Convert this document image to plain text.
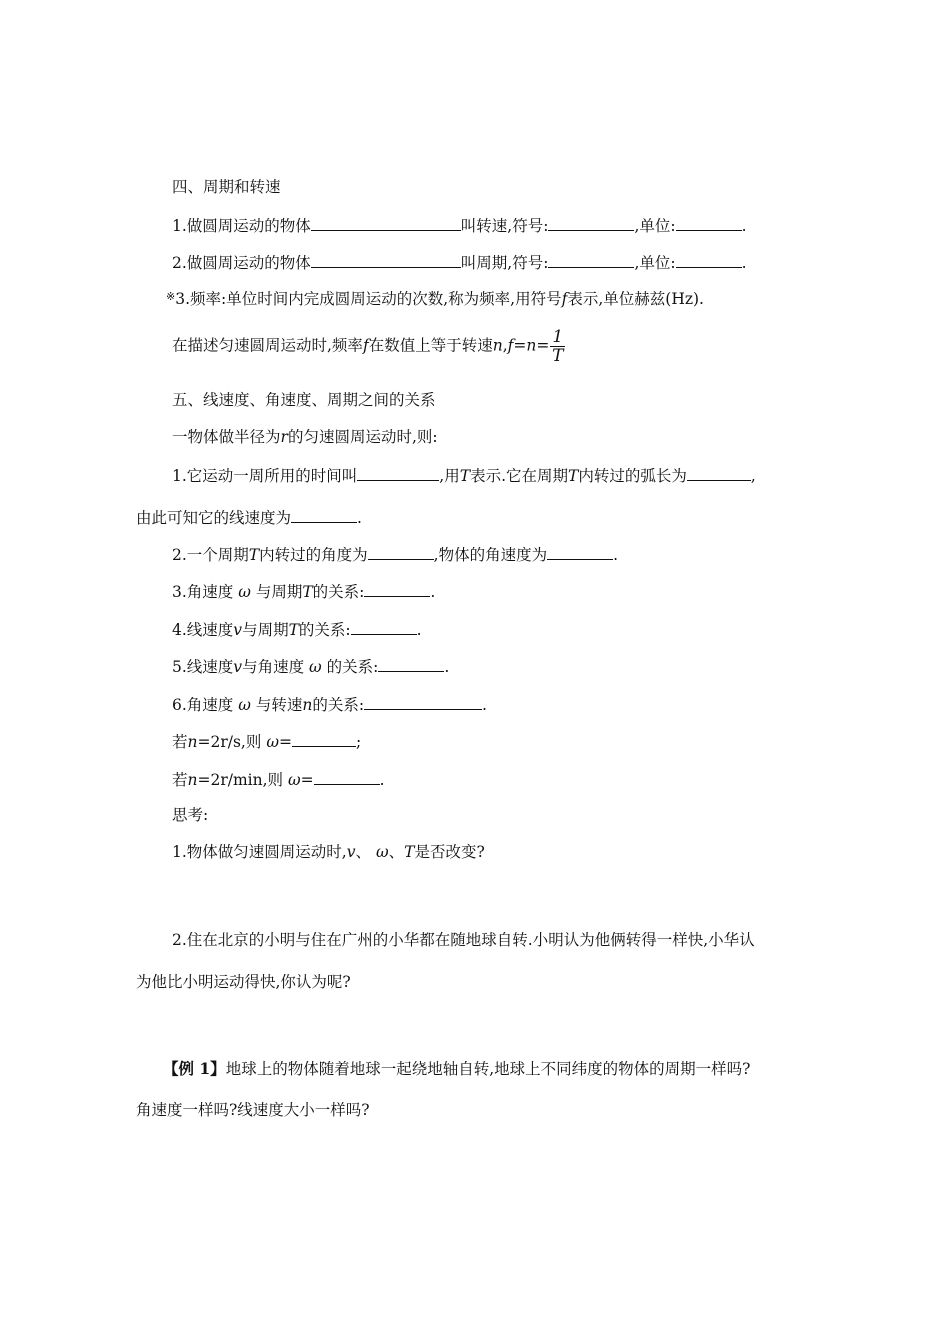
四、周期和转速
1.做圆周运动的物体	叫转速,符号:	,单位:	.
2.做圆周运动的物体	叫周期,符号:	,单位:	.
※3.频率:单位时间内完成圆周运动的次数,称为频率,用符号f表示,单位赫兹(Hz).
在描述匀速圆周运动时,频率f在数值上等于转速$n,f=n= \frac{1}{T}$
五、线速度、角速度、周期之间的关系
一物体做半径为r的匀速圆周运动时,则:
1.它运动一周所用的时间叫	,用T表示.它在周期T内转过的弧长为	,
由此可知它的线速度为	.
2.一个周期T内转过的角度为	,物体的角速度为	.
3.角速度 ω 与周期T的关系:	.
4.线速度v与周期T的关系:	.
5.线速度v与角速度 ω 的关系:	.
6.角速度 ω 与转速n的关系:	.
若n=2r/s,则 ω=	;
若n=2r/min,则 ω=	.
思考:
1.物体做匀速圆周运动时,v、 ω、T是否改变?
2.住在北京的小明与住在广州的小华都在随地球自转.小明认为他俩转得一样快,小华认
为他比小明运动得快,你认为呢?
【例 1】地球上的物体随着地球一起绕地轴自转,地球上不同纬度的物体的周期一样吗?
角速度一样吗?线速度大小一样吗?
